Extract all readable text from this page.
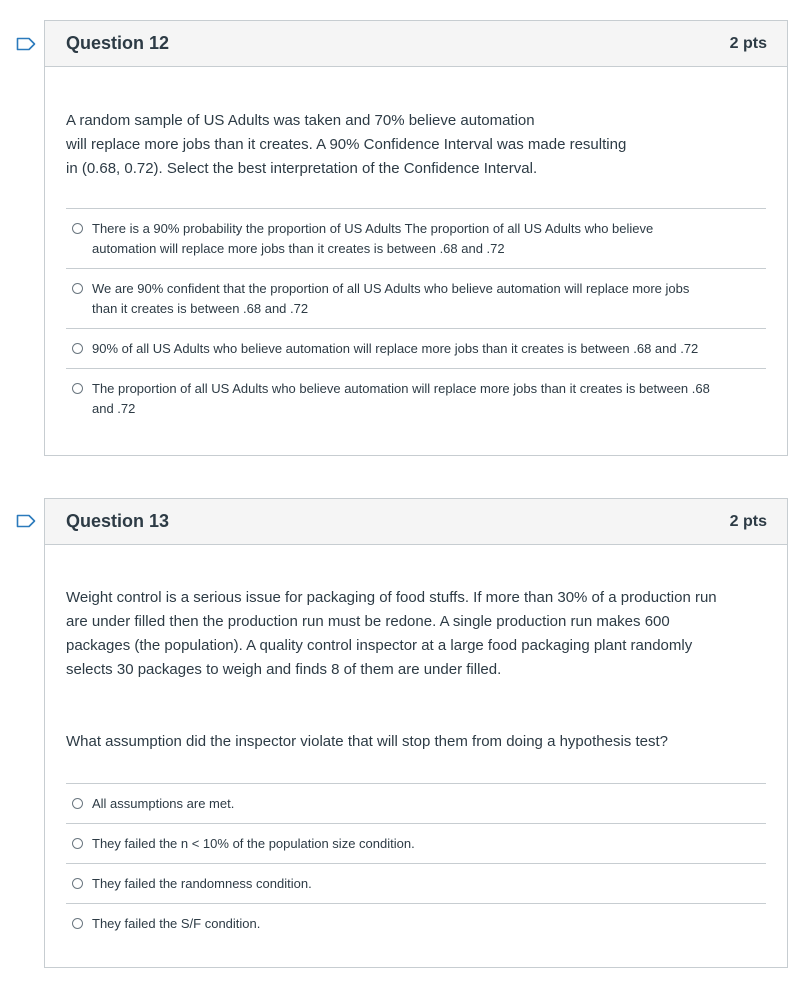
Question 12	2 pts
A random sample of US Adults was taken and 70% believe automation
will replace more jobs than it creates. A 90% Confidence Interval was made resulting
in (0.68, 0.72). Select the best interpretation of the Confidence Interval.
There is a 90% probability the proportion of US Adults The proportion of all US Adults who believe
automation will replace more jobs than it creates is between .68 and .72
We are 90% confident that the proportion of all US Adults who believe automation will replace more jobs
than it creates is between .68 and .72
90% of all US Adults who believe automation will replace more jobs than it creates is between .68 and .72
The proportion of all US Adults who believe automation will replace more jobs than it creates is between .68
and .72
Question 13	2 pts
Weight control is a serious issue for packaging of food stuffs. If more than 30% of a production run
are under filled then the production run must be redone. A single production run makes 600
packages (the population). A quality control inspector at a large food packaging plant randomly
selects 30 packages to weigh and finds 8 of them are under filled.
What assumption did the inspector violate that will stop them from doing a hypothesis test?
All assumptions are met.
They failed the n < 10% of the population size condition.
They failed the randomness condition.
They failed the S/F condition.
